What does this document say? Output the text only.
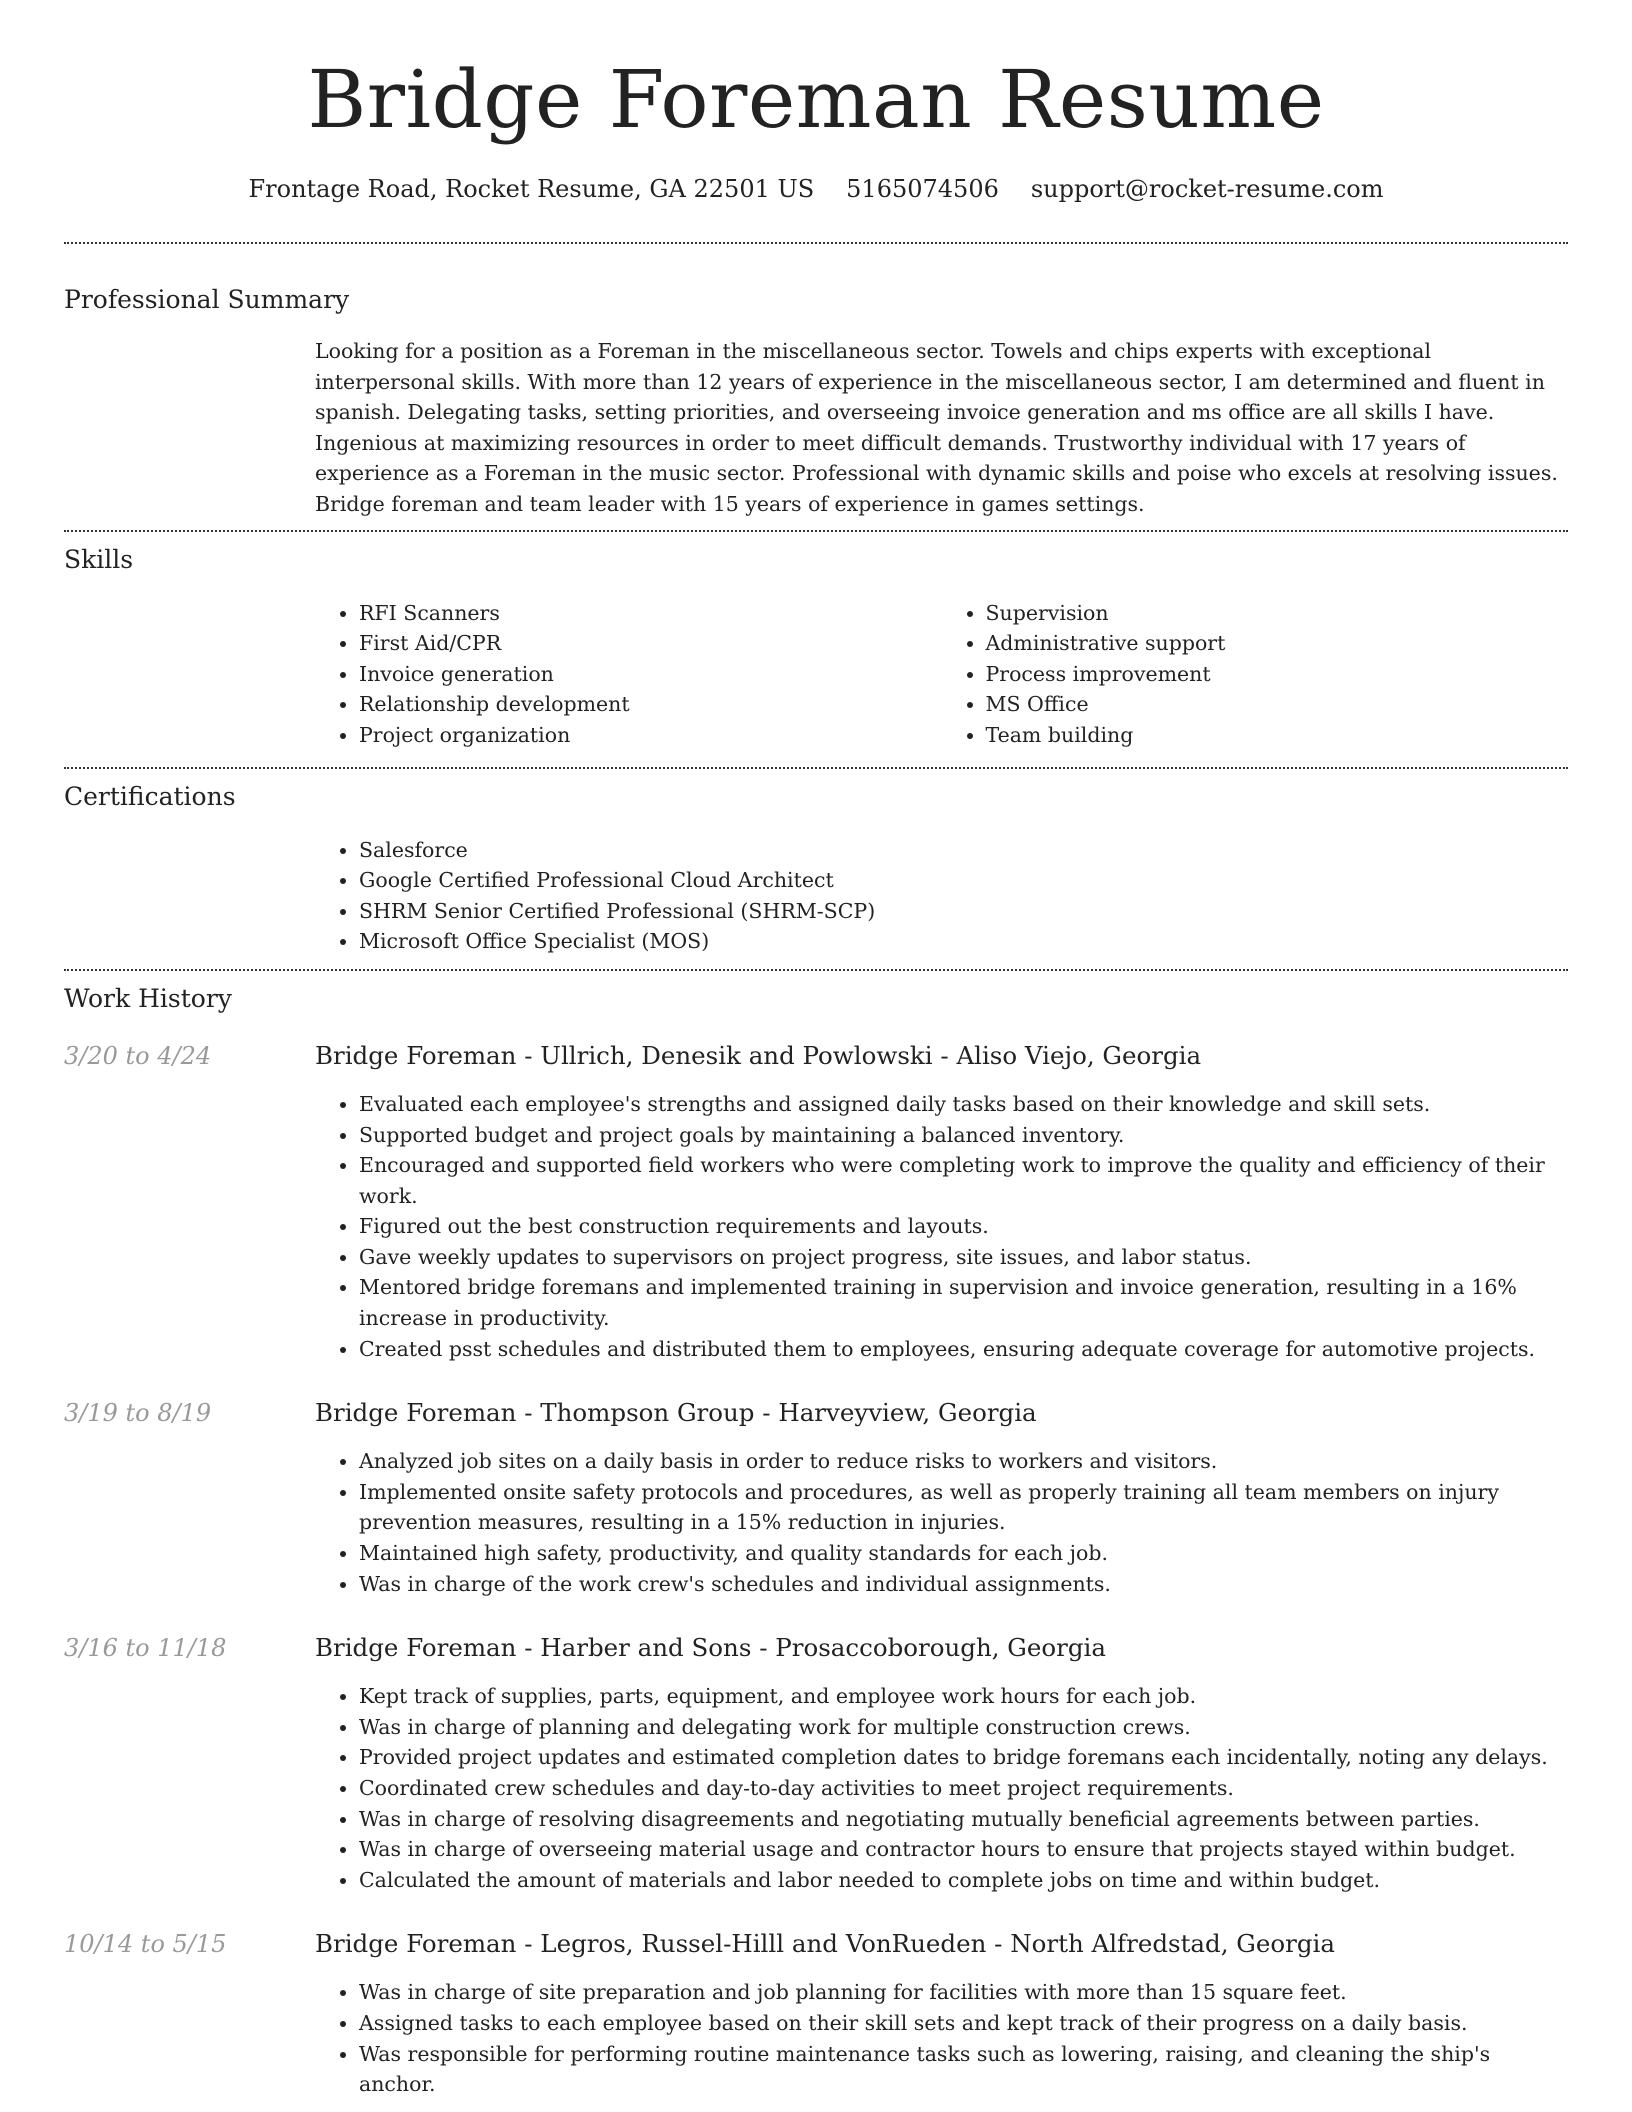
Bridge Foreman Resume
Frontage Road, Rocket Resume, GA 22501 US 5165074506 support@rocket-resume.com
Professional Summary
Looking for a position as a Foreman in the miscellaneous sector. Towels and chips experts with exceptional interpersonal skills. With more than 12 years of experience in the miscellaneous sector, I am determined and fluent in spanish. Delegating tasks, setting priorities, and overseeing invoice generation and ms office are all skills I have. Ingenious at maximizing resources in order to meet difficult demands. Trustworthy individual with 17 years of experience as a Foreman in the music sector. Professional with dynamic skills and poise who excels at resolving issues. Bridge foreman and team leader with 15 years of experience in games settings.
Skills
• RFI Scanners
• First Aid/CPR
• Invoice generation
• Relationship development
• Project organization
• Supervision
• Administrative support
• Process improvement
• MS Office
• Team building
Certifications
• Salesforce
• Google Certified Professional Cloud Architect
• SHRM Senior Certified Professional (SHRM-SCP)
• Microsoft Office Specialist (MOS)
Work History
3/20 to 4/24	Bridge Foreman - Ullrich, Denesik and Powlowski - Aliso Viejo, Georgia
• Evaluated each employee's strengths and assigned daily tasks based on their knowledge and skill sets.
• Supported budget and project goals by maintaining a balanced inventory.
• Encouraged and supported field workers who were completing work to improve the quality and efficiency of their work.
• Figured out the best construction requirements and layouts.
• Gave weekly updates to supervisors on project progress, site issues, and labor status.
• Mentored bridge foremans and implemented training in supervision and invoice generation, resulting in a 16% increase in productivity.
• Created psst schedules and distributed them to employees, ensuring adequate coverage for automotive projects.
3/19 to 8/19	Bridge Foreman - Thompson Group - Harveyview, Georgia
• Analyzed job sites on a daily basis in order to reduce risks to workers and visitors.
• Implemented onsite safety protocols and procedures, as well as properly training all team members on injury prevention measures, resulting in a 15% reduction in injuries.
• Maintained high safety, productivity, and quality standards for each job.
• Was in charge of the work crew's schedules and individual assignments.
3/16 to 11/18	Bridge Foreman - Harber and Sons - Prosaccoborough, Georgia
• Kept track of supplies, parts, equipment, and employee work hours for each job.
• Was in charge of planning and delegating work for multiple construction crews.
• Provided project updates and estimated completion dates to bridge foremans each incidentally, noting any delays.
• Coordinated crew schedules and day-to-day activities to meet project requirements.
• Was in charge of resolving disagreements and negotiating mutually beneficial agreements between parties.
• Was in charge of overseeing material usage and contractor hours to ensure that projects stayed within budget.
• Calculated the amount of materials and labor needed to complete jobs on time and within budget.
10/14 to 5/15	Bridge Foreman - Legros, Russel-Hilll and VonRueden - North Alfredstad, Georgia
• Was in charge of site preparation and job planning for facilities with more than 15 square feet.
• Assigned tasks to each employee based on their skill sets and kept track of their progress on a daily basis.
• Was responsible for performing routine maintenance tasks such as lowering, raising, and cleaning the ship's anchor.
